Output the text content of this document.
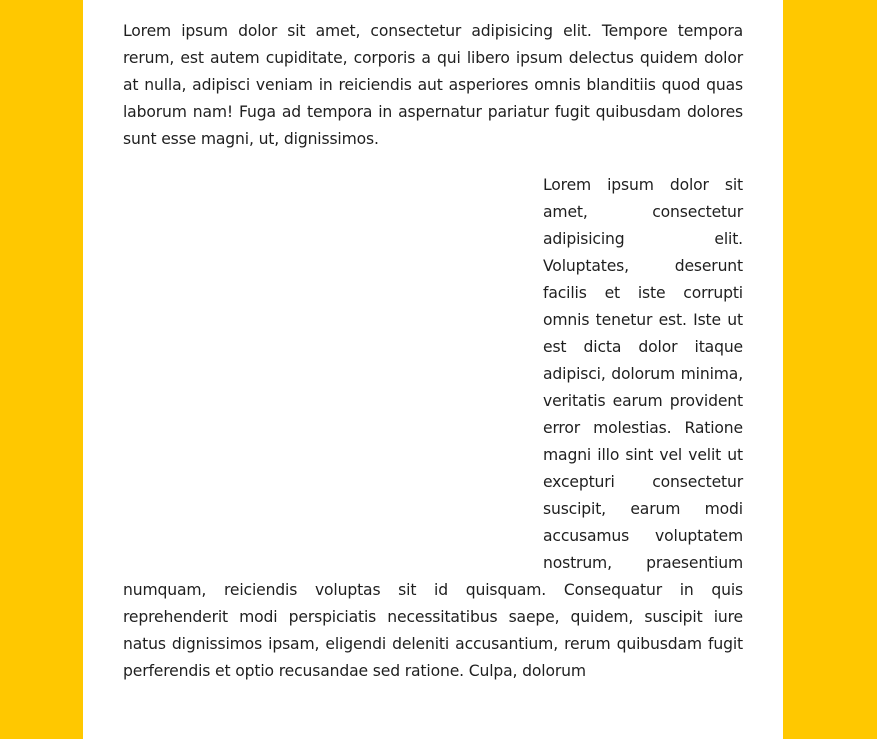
Lorem ipsum dolor sit amet, consectetur adipisicing elit. Tempore tempora rerum, est autem cupiditate, corporis a qui libero ipsum delectus quidem dolor at nulla, adipisci veniam in reiciendis aut asperiores omnis blanditiis quod quas laborum nam! Fuga ad tempora in aspernatur pariatur fugit quibusdam dolores sunt esse magni, ut, dignissimos.

Lorem ipsum dolor sit amet, consectetur adipisicing elit. Voluptates, deserunt facilis et iste corrupti omnis tenetur est. Iste ut est dicta dolor itaque adipisci, dolorum minima, veritatis earum provident error molestias. Ratione magni illo sint vel velit ut excepturi consectetur suscipit, earum modi accusamus voluptatem nostrum, praesentium numquam, reiciendis voluptas sit id quisquam. Consequatur in quis reprehenderit modi perspiciatis necessitatibus saepe, quidem, suscipit iure natus dignissimos ipsam, eligendi deleniti accusantium, rerum quibusdam fugit perferendis et optio recusandae sed ratione. Culpa, dolorum
